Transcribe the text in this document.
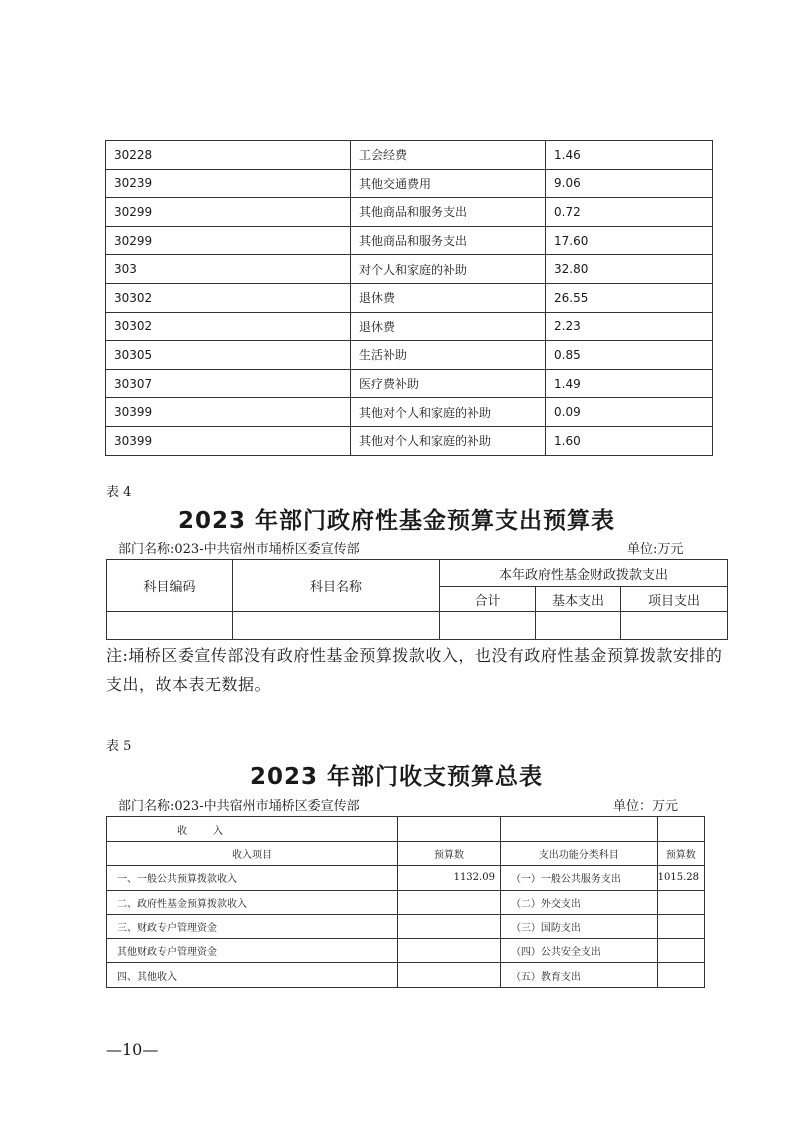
30228	工会经费	1.46
30239	其他交通费用	9.06
30299	其他商品和服务支出	0.72
30299	其他商品和服务支出	17.60
303	对个人和家庭的补助	32.80
30302	退休费	26.55
30302	退休费	2.23
30305	生活补助	0.85
30307	医疗费补助	1.49
30399	其他对个人和家庭的补助	0.09
30399	其他对个人和家庭的补助	1.60
表 4
2023 年部门政府性基金预算支出预算表
部门名称:023-中共宿州市埇桥区委宣传部	单位:万元
科目编码	科目名称	本年政府性基金财政拨款支出		
		合计	基本支出	项目支出

注:埇桥区委宣传部没有政府性基金预算拨款收入，也没有政府性基金预算拨款安排的支出，故本表无数据。
表 5
2023 年部门收支预算总表
部门名称:023-中共宿州市埇桥区委宣传部	单位：万元
收　　入			
收入项目	预算数	支出功能分类科目	预算数
一、一般公共预算拨款收入	1132.09	（一）一般公共服务支出	1015.28
二、政府性基金预算拨款收入		（二）外交支出	
三、财政专户管理资金		（三）国防支出	
其他财政专户管理资金		（四）公共安全支出	
四、其他收入		（五）教育支出	
—10—
